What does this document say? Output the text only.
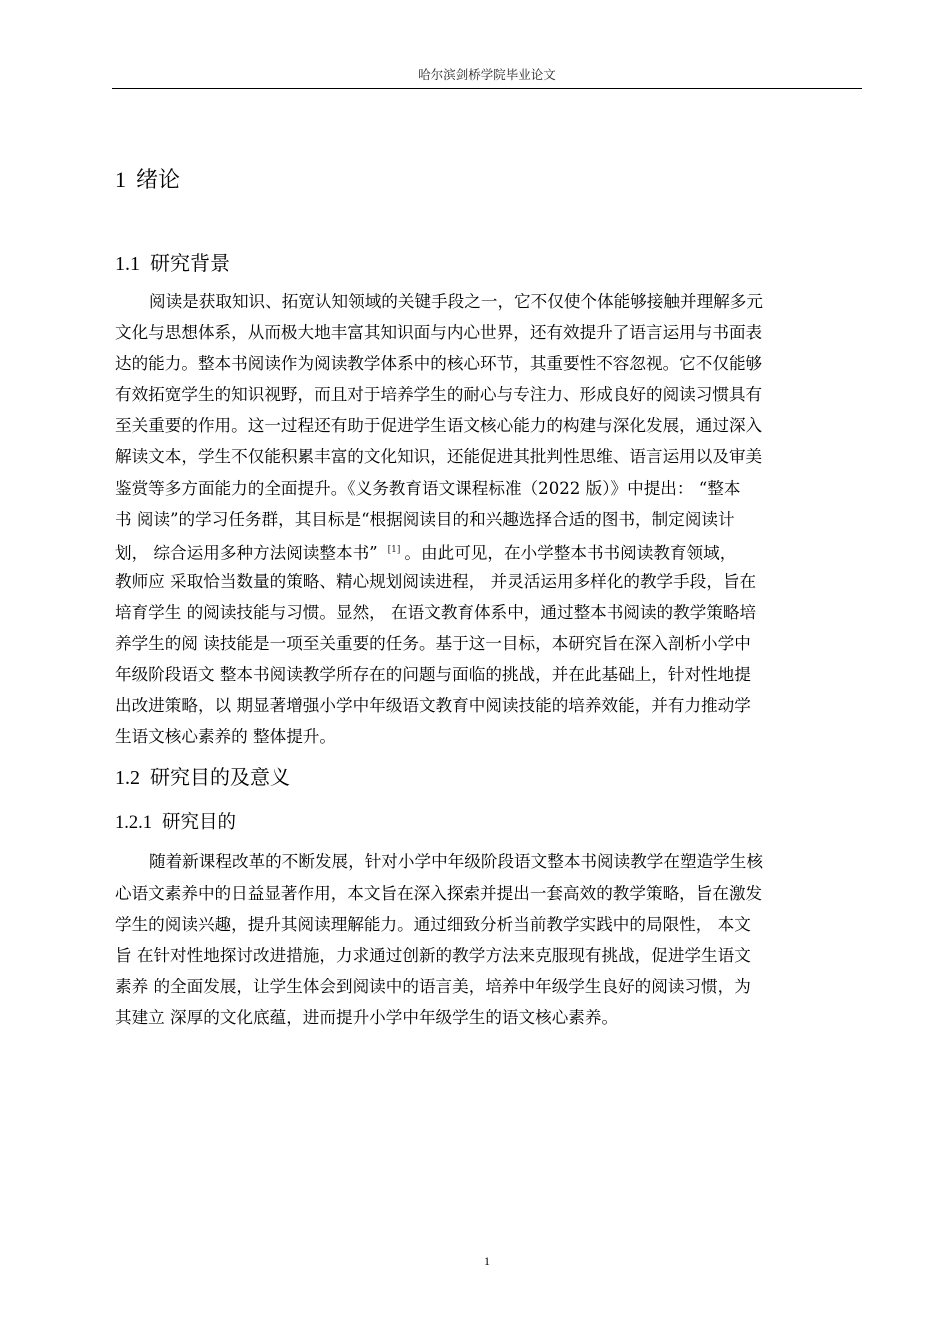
哈尔滨剑桥学院毕业论文
1 绪论
1.1 研究背景

阅读是获取知识、拓宽认知领域的关键手段之一，它不仅使个体能够接触并理解多元
文化与思想体系，从而极大地丰富其知识面与内心世界，还有效提升了语言运用与书面表
达的能力。整本书阅读作为阅读教学体系中的核心环节，其重要性不容忽视。它不仅能够
有效拓宽学生的知识视野，而且对于培养学生的耐心与专注力、形成良好的阅读习惯具有
至关重要的作用。这一过程还有助于促进学生语文核心能力的构建与深化发展，通过深入
解读文本，学生不仅能积累丰富的文化知识，还能促进其批判性思维、语言运用以及审美
鉴赏等多方面能力的全面提升。《义务教育语文课程标准（2022 版）》中提出： “整本
书 阅读”的学习任务群，其目标是“根据阅读目的和兴趣选择合适的图书，制定阅读计
划， 综合运用多种方法阅读整本书” [1] 。由此可见，在小学整本书书阅读教育领域，
教师应 采取恰当数量的策略、精心规划阅读进程， 并灵活运用多样化的教学手段，旨在
培育学生 的阅读技能与习惯。显然， 在语文教育体系中，通过整本书阅读的教学策略培
养学生的阅 读技能是一项至关重要的任务。基于这一目标，本研究旨在深入剖析小学中
年级阶段语文 整本书阅读教学所存在的问题与面临的挑战，并在此基础上，针对性地提
出改进策略，以 期显著增强小学中年级语文教育中阅读技能的培养效能，并有力推动学
生语文核心素养的 整体提升。

1.2 研究目的及意义
1.2.1 研究目的

随着新课程改革的不断发展，针对小学中年级阶段语文整本书阅读教学在塑造学生核
心语文素养中的日益显著作用，本文旨在深入探索并提出一套高效的教学策略，旨在激发
学生的阅读兴趣，提升其阅读理解能力。通过细致分析当前教学实践中的局限性， 本文
旨 在针对性地探讨改进措施，力求通过创新的教学方法来克服现有挑战，促进学生语文
素养 的全面发展，让学生体会到阅读中的语言美，培养中年级学生良好的阅读习惯，为
其建立 深厚的文化底蕴，进而提升小学中年级学生的语文核心素养。

1
